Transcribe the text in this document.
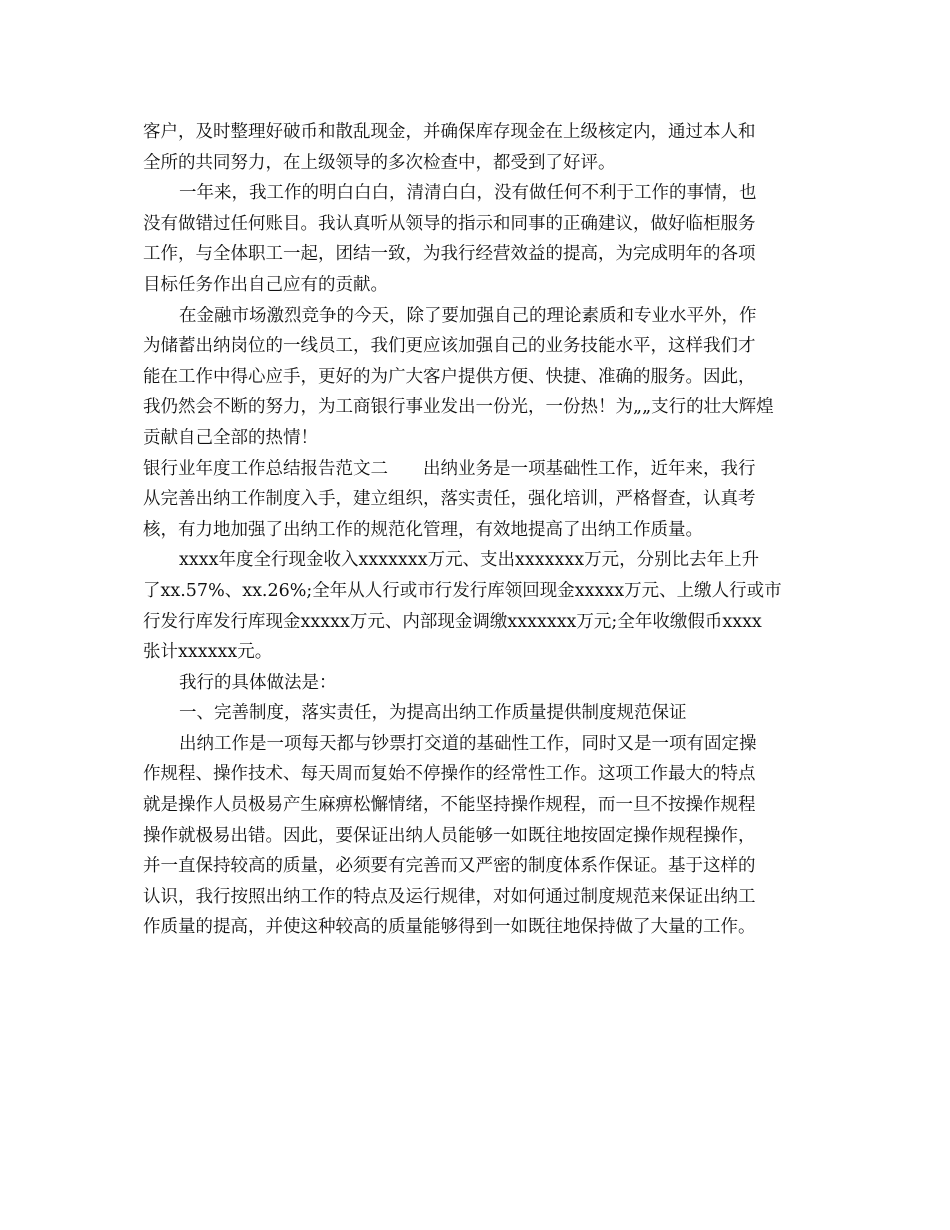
客户，及时整理好破币和散乱现金，并确保库存现金在上级核定内，通过本人和
全所的共同努力，在上级领导的多次检查中，都受到了好评。
一年来，我工作的明白白白，清清白白，没有做任何不利于工作的事情，也
没有做错过任何账目。我认真听从领导的指示和同事的正确建议，做好临柜服务
工作，与全体职工一起，团结一致，为我行经营效益的提高，为完成明年的各项
目标任务作出自己应有的贡献。
在金融市场激烈竞争的今天，除了要加强自己的理论素质和专业水平外，作
为储蓄出纳岗位的一线员工，我们更应该加强自己的业务技能水平，这样我们才
能在工作中得心应手，更好的为广大客户提供方便、快捷、准确的服务。因此，
我仍然会不断的努力，为工商银行事业发出一份光，一份热！为„„支行的壮大辉煌
贡献自己全部的热情！
银行业年度工作总结报告范文二　　出纳业务是一项基础性工作，近年来，我行
从完善出纳工作制度入手，建立组织，落实责任，强化培训，严格督查，认真考
核，有力地加强了出纳工作的规范化管理，有效地提高了出纳工作质量。
xxxx年度全行现金收入xxxxxxx万元、支出xxxxxxx万元，分别比去年上升
了xx.57%、xx.26%;全年从人行或市行发行库领回现金xxxxx万元、上缴人行或市
行发行库发行库现金xxxxx万元、内部现金调缴xxxxxxx万元;全年收缴假币xxxx
张计xxxxxx元。
我行的具体做法是：
一、完善制度，落实责任，为提高出纳工作质量提供制度规范保证
出纳工作是一项每天都与钞票打交道的基础性工作，同时又是一项有固定操
作规程、操作技术、每天周而复始不停操作的经常性工作。这项工作最大的特点
就是操作人员极易产生麻痹松懈情绪，不能坚持操作规程，而一旦不按操作规程
操作就极易出错。因此，要保证出纳人员能够一如既往地按固定操作规程操作，
并一直保持较高的质量，必须要有完善而又严密的制度体系作保证。基于这样的
认识，我行按照出纳工作的特点及运行规律，对如何通过制度规范来保证出纳工
作质量的提高，并使这种较高的质量能够得到一如既往地保持做了大量的工作。
